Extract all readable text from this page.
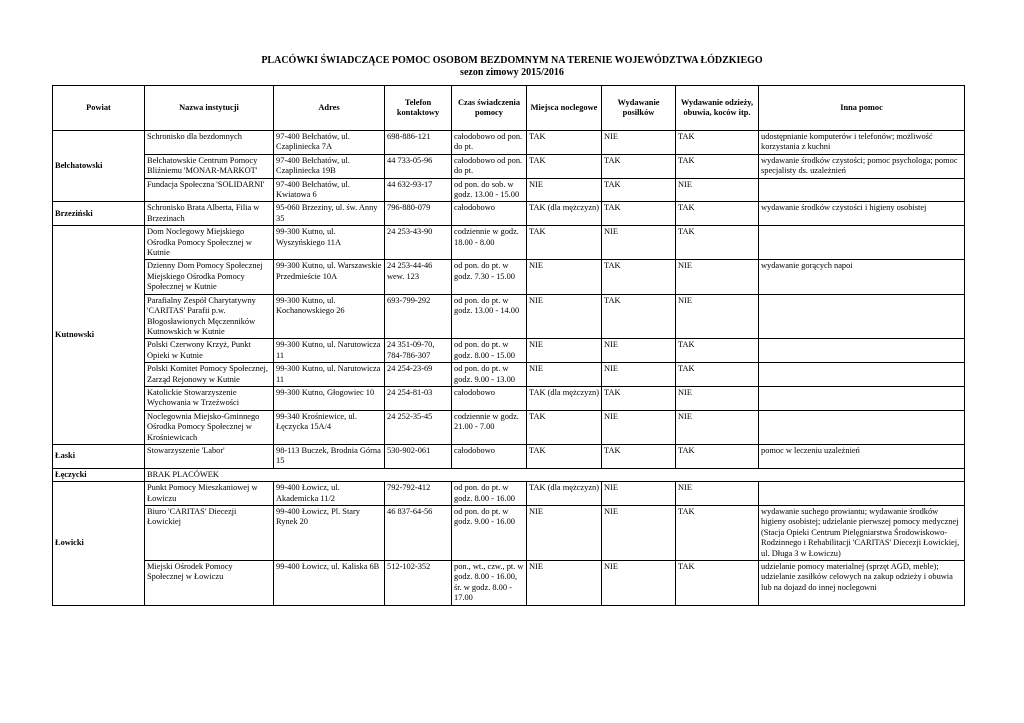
PLACÓWKI ŚWIADCZĄCE POMOC OSOBOM BEZDOMNYM NA TERENIE WOJEWÓDZTWA ŁÓDZKIEGO
sezon zimowy 2015/2016
Powiat	Nazwa instytucji	Adres	Telefon kontaktowy	Czas świadczenia pomocy	Miejsca noclegowe	Wydawanie posiłków	Wydawanie odzieży, obuwia, koców itp.	Inna pomoc
Bełchatowski	Schronisko dla bezdomnych	97-400 Bełchatów, ul. Czaplinieckа 7A	698-886-121	całodobowo od pon. do pt.	TAK	NIE	TAK	udostępnianie komputerów i telefonów; możliwość korzystania z kuchni
	Bełchatowskie Centrum Pomocy Bliźniemu 'MONAR-MARKOT'	97-400 Bełchatów, ul. Czaplinieckа 19B	44 733-05-96	całodobowo od pon. do pt.	TAK	TAK	TAK	wydawanie środków czystości; pomoc psychologa; pomoc specjalisty ds. uzależnień
	Fundacja Społeczna 'SOLIDARNI'	97-400 Bełchatów, ul. Kwiatowa 6	44 632-93-17	od pon. do sob. w godz. 13.00 - 15.00	NIE	TAK	NIE	
Brzeziński	Schronisko Brata Alberta, Filia w Brzezinach	95-060 Brzeziny, ul. św. Anny 35	796-880-079	całodobowo	TAK (dla mężczyzn)	TAK	TAK	wydawanie środków czystości i higieny osobistej
Kutnowski	Dom Noclegowy Miejskiego Ośrodka Pomocy Społecznej w Kutnie	99-300 Kutno, ul. Wyszyńskiego 11A	24 253-43-90	codziennie w godz. 18.00 - 8.00	TAK	NIE	TAK	
	Dzienny Dom Pomocy Społecznej Miejskiego Ośrodka Pomocy Społecznej w Kutnie	99-300 Kutno, ul. Warszawskie Przedmieście 10A	24 253-44-46 wew. 123	od pon. do pt. w godz. 7.30 - 15.00	NIE	TAK	NIE	wydawanie gorących napoi
	Parafialny Zespół Charytatywny 'CARITAS' Parafii p.w. Błogosławionych Męczenników Kutnowskich w Kutnie	99-300 Kutno, ul. Kochanowskiego 26	693-799-292	od pon. do pt. w godz. 13.00 - 14.00	NIE	TAK	NIE	
	Polski Czerwony Krzyż, Punkt Opieki w Kutnie	99-300 Kutno, ul. Narutowicza 11	24 351-09-70, 784-786-307	od pon. do pt. w godz. 8.00 - 15.00	NIE	NIE	TAK	
	Polski Komitet Pomocy Społecznej, Zarząd Rejonowy w Kutnie	99-300 Kutno, ul. Narutowicza 11	24 254-23-69	od pon. do pt. w godz. 9.00 - 13.00	NIE	NIE	TAK	
	Katolickie Stowarzyszenie Wychowania w Trzeźwości	99-300 Kutno, Głogowiec 10	24 254-81-03	całodobowo	TAK (dla mężczyzn)	TAK	NIE	
	Noclegownia Miejsko-Gminnego Ośrodka Pomocy Społecznej w Krośniewicach	99-340 Krośniewice, ul. Łęczycka 15A/4	24 252-35-45	codziennie w godz. 21.00 - 7.00	TAK	NIE	NIE	
Łaski	Stowarzyszenie 'Labor'	98-113 Buczek, Brodnia Górna 15	530-902-061	całodobowo	TAK	TAK	TAK	pomoc w leczeniu uzależnień
Łęczycki	BRAK PLACÓWEK							
Łowicki	Punkt Pomocy Mieszkaniowej w Łowiczu	99-400 Łowicz, ul. Akademicka 11/2	792-792-412	od pon. do pt. w godz. 8.00 - 16.00	TAK (dla mężczyzn)	NIE	NIE	
	Biuro 'CARITAS' Diecezji Łowickiej	99-400 Łowicz, Pl. Stary Rynek 20	46 837-64-56	od pon. do pt. w godz. 9.00 - 16.00	NIE	NIE	TAK	wydawanie suchego prowiantu; wydawanie środków higieny osobistej; udzielanie pierwszej pomocy medycznej (Stacja Opieki Centrum Pielęgniarstwa Środowiskowo-Rodzinnego i Rehabilitacji 'CARITAS' Diecezji Łowickiej, ul. Długa 3 w Łowiczu)
	Miejski Ośrodek Pomocy Społecznej w Łowiczu	99-400 Łowicz, ul. Kaliska 6B	512-102-352	pon., wt., czw., pt. w godz. 8.00 - 16.00, śr. w godz. 8.00 - 17.00	NIE	NIE	TAK	udzielanie pomocy materialnej (sprzęt AGD, meble); udzielanie zasiłków celowych na zakup odzieży i obuwia lub na dojazd do innej noclegowni
